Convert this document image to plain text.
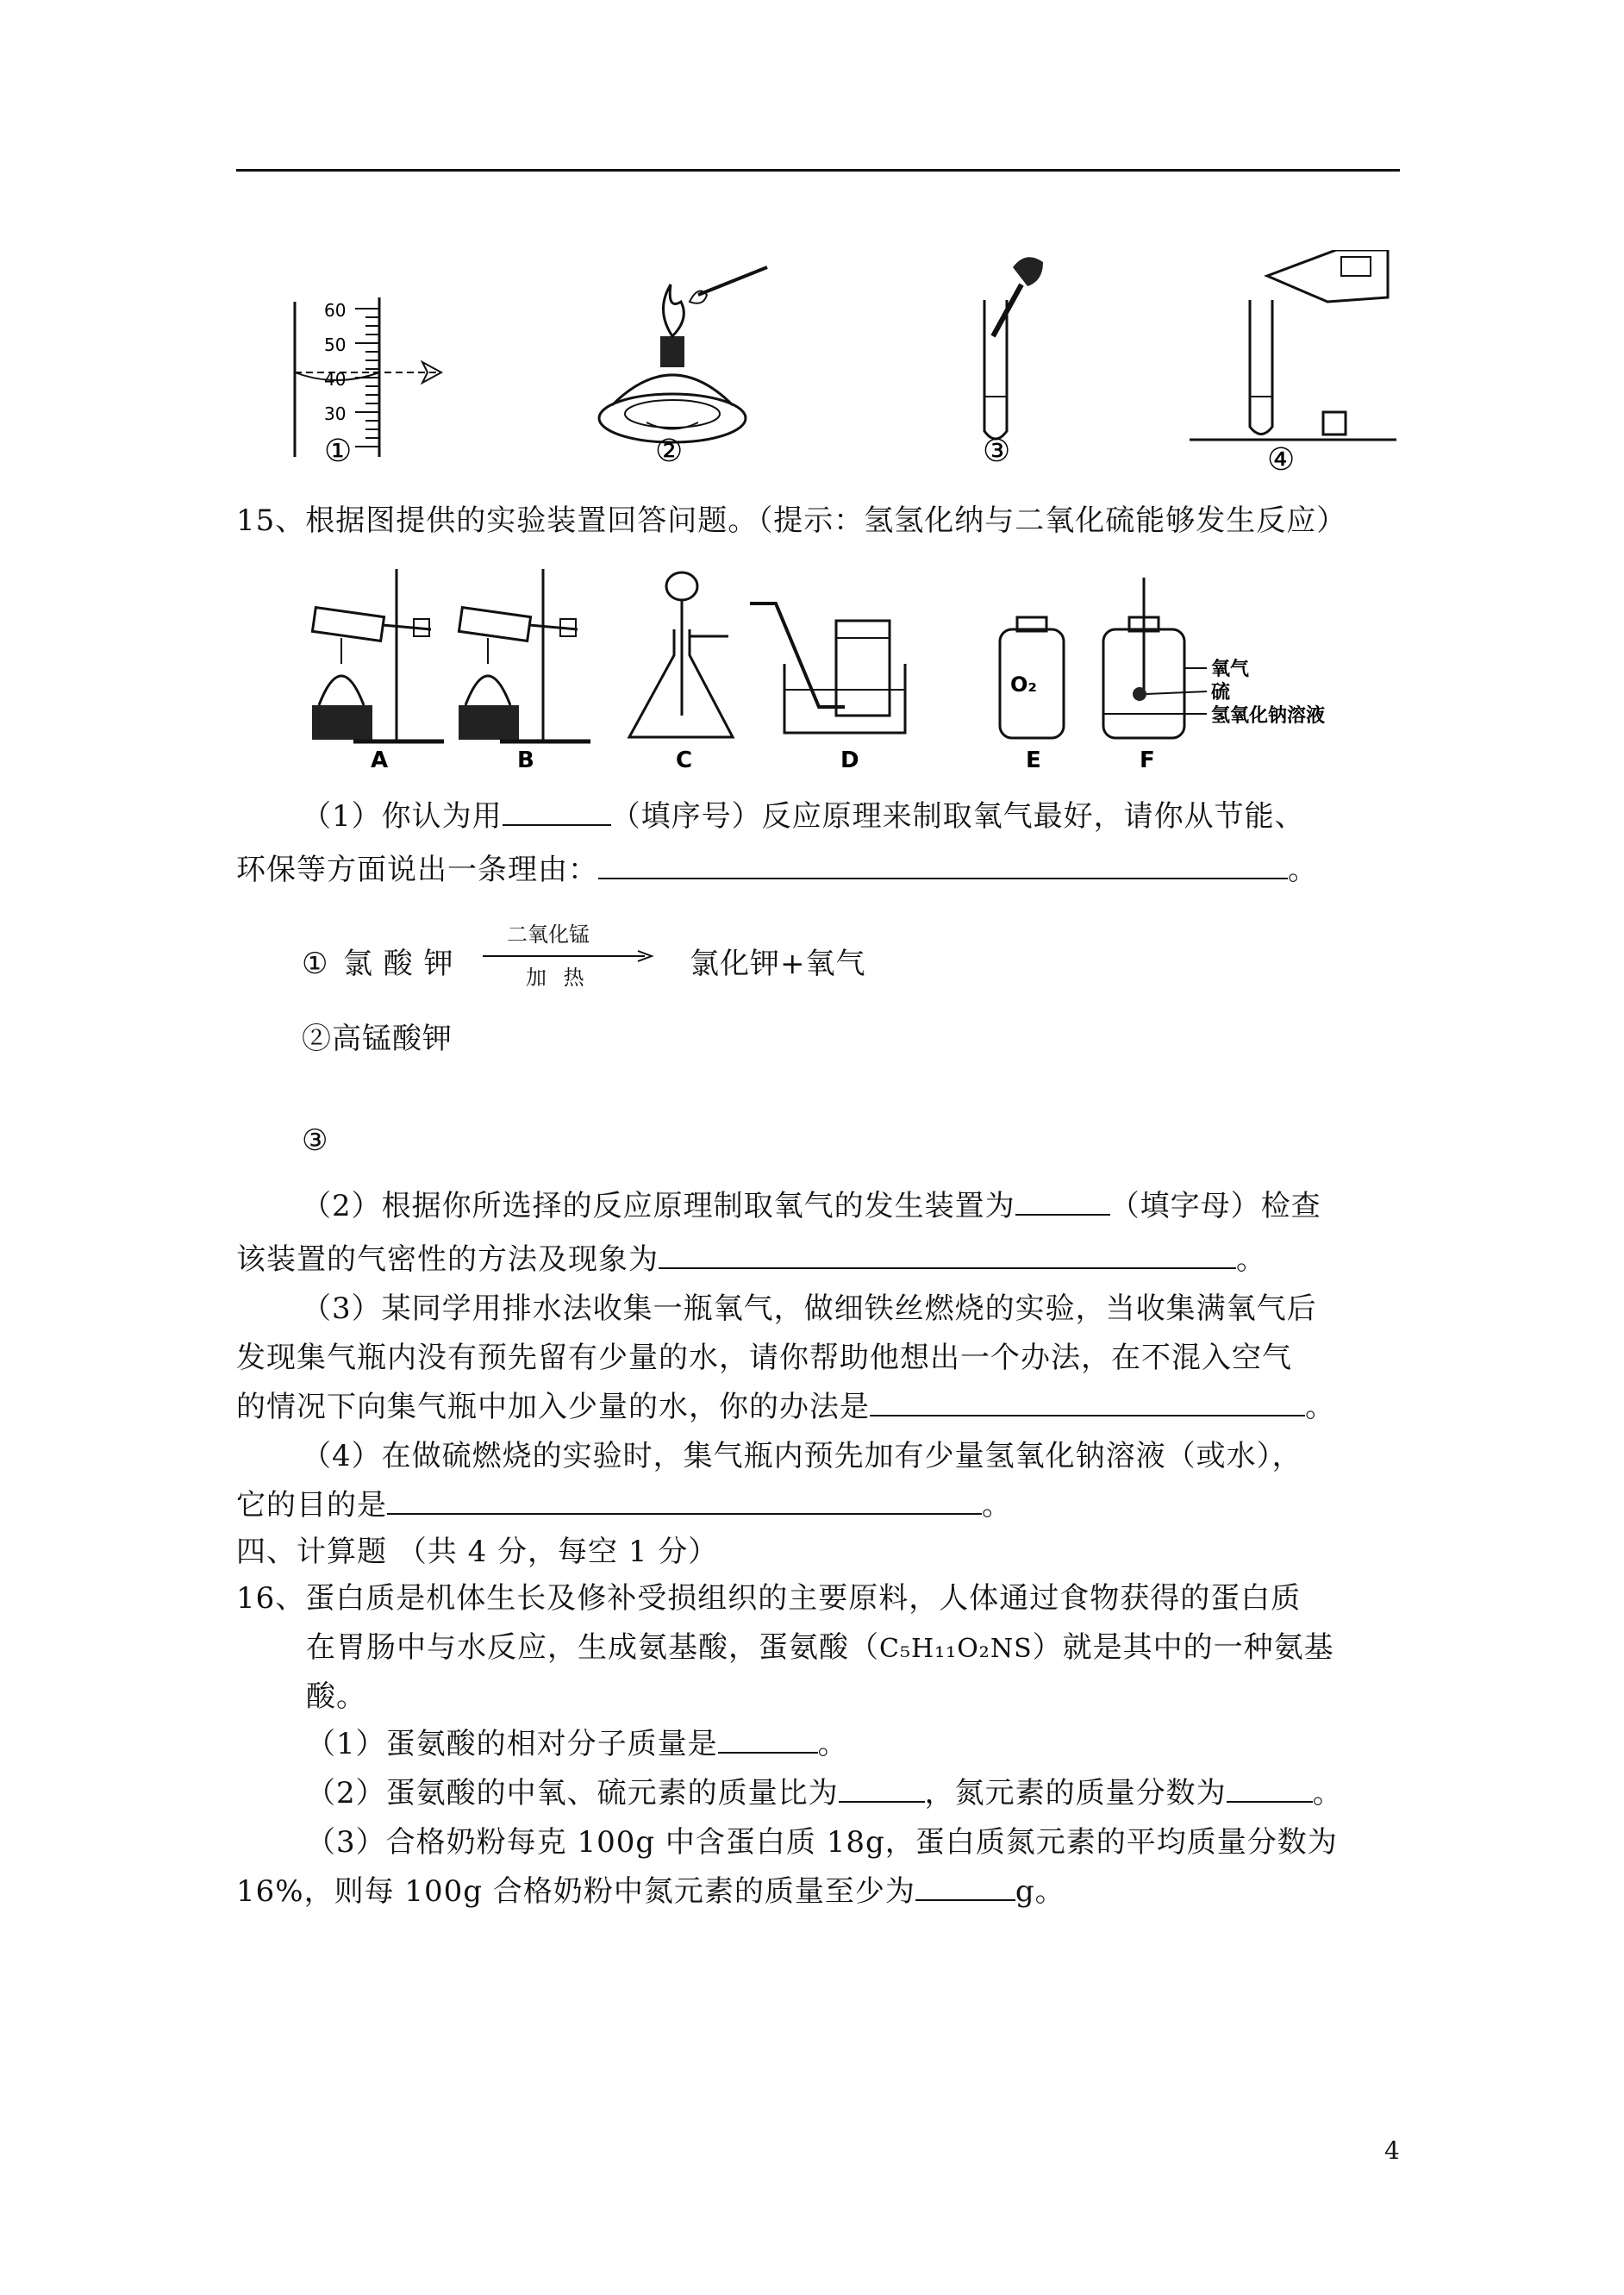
60
50
40
30
①	②	③	④
15、根据图提供的实验装置回答问题。（提示：氢氢化纳与二氧化硫能够发生反应）
A	B	C	D
O₂
E
氧气
硫
氢氧化钠溶液
F
（1）你认为用	（填序号）反应原理来制取氧气最好，请你从节能、
环保等方面说出一条理由：	。
① 氯 酸 钾
二氧化锰
加 热	氯化钾+氧气
②高锰酸钾
③
（2）根据你所选择的反应原理制取氧气的发生装置为	（填字母）检查
该装置的气密性的方法及现象为	。
（3）某同学用排水法收集一瓶氧气，做细铁丝燃烧的实验，当收集满氧气后
发现集气瓶内没有预先留有少量的水，请你帮助他想出一个办法，在不混入空气
的情况下向集气瓶中加入少量的水，你的办法是	。
（4）在做硫燃烧的实验时，集气瓶内预先加有少量氢氧化钠溶液（或水），
它的目的是	。
四、计算题 （共 4 分，每空 1 分）
16、蛋白质是机体生长及修补受损组织的主要原料，人体通过食物获得的蛋白质
在胃肠中与水反应，生成氨基酸，蛋氨酸（C₅H₁₁O₂NS）就是其中的一种氨基
酸。
（1）蛋氨酸的相对分子质量是	。
（2）蛋氨酸的中氧、硫元素的质量比为	，氮元素的质量分数为	。
（3）合格奶粉每克 100g 中含蛋白质 18g，蛋白质氮元素的平均质量分数为
16%，则每 100g 合格奶粉中氮元素的质量至少为	g。
4
